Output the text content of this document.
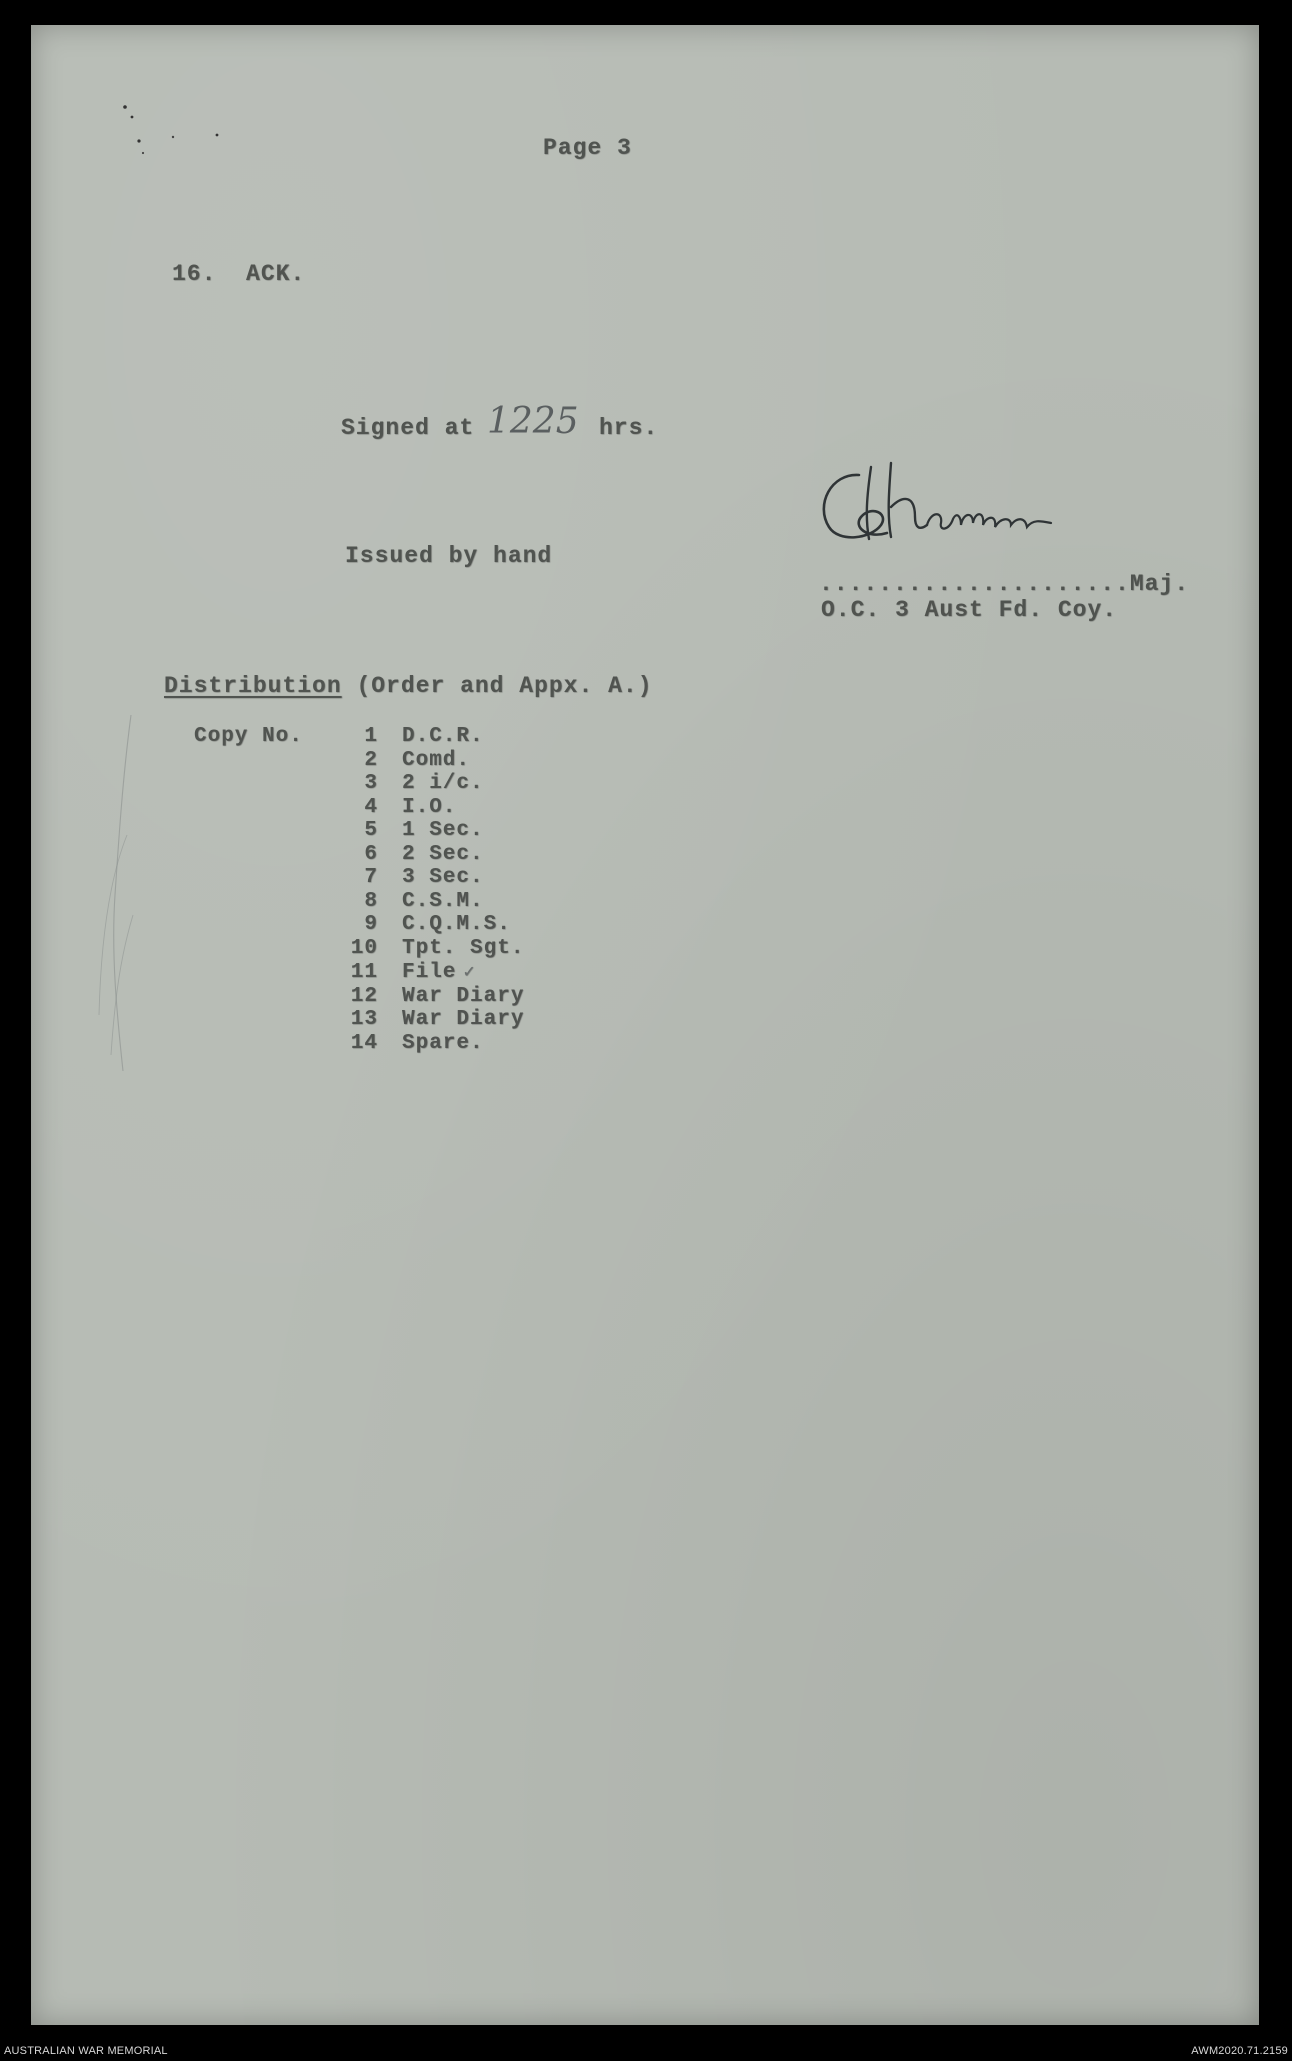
Page 3
16.  ACK.
Signed at 1225 hrs.
Issued by hand
.....................Maj.
O.C. 3 Aust Fd. Coy.
Distribution (Order and Appx. A.)
Copy No.	1	D.C.R.
	2	Comd.
	3	2 i/c.
	4	I.O.
	5	1 Sec.
	6	2 Sec.
	7	3 Sec.
	8	C.S.M.
	9	C.Q.M.S.
	10	Tpt. Sgt.
	11	File ✓
	12	War Diary
	13	War Diary
	14	Spare.
AUSTRALIAN WAR MEMORIAL	AWM2020.71.2159
